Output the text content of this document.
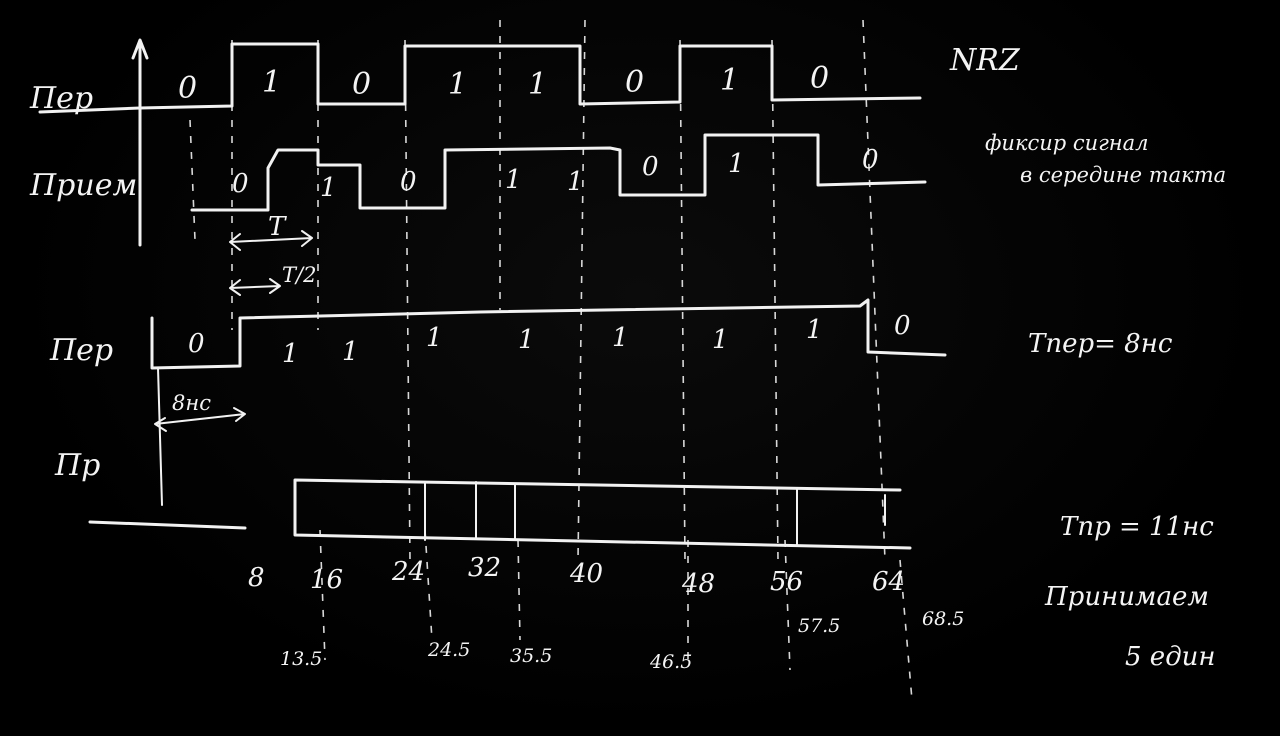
NRZ
фиксир сигнал
в середине такта
Tпер= 8нс
Tпр = 11нс
Принимаем
5 един
Пер
Прием
Пер
Пр
0 1 0	1 1	0	1 0
0	1 0	1 1 0	1	0
T
T/2
0	1 1	1	1	1	1	1	0
8нс
8 16 24 32	40	48 56	64
13.5	24.5 35.5	46.5
57.5	68.5
